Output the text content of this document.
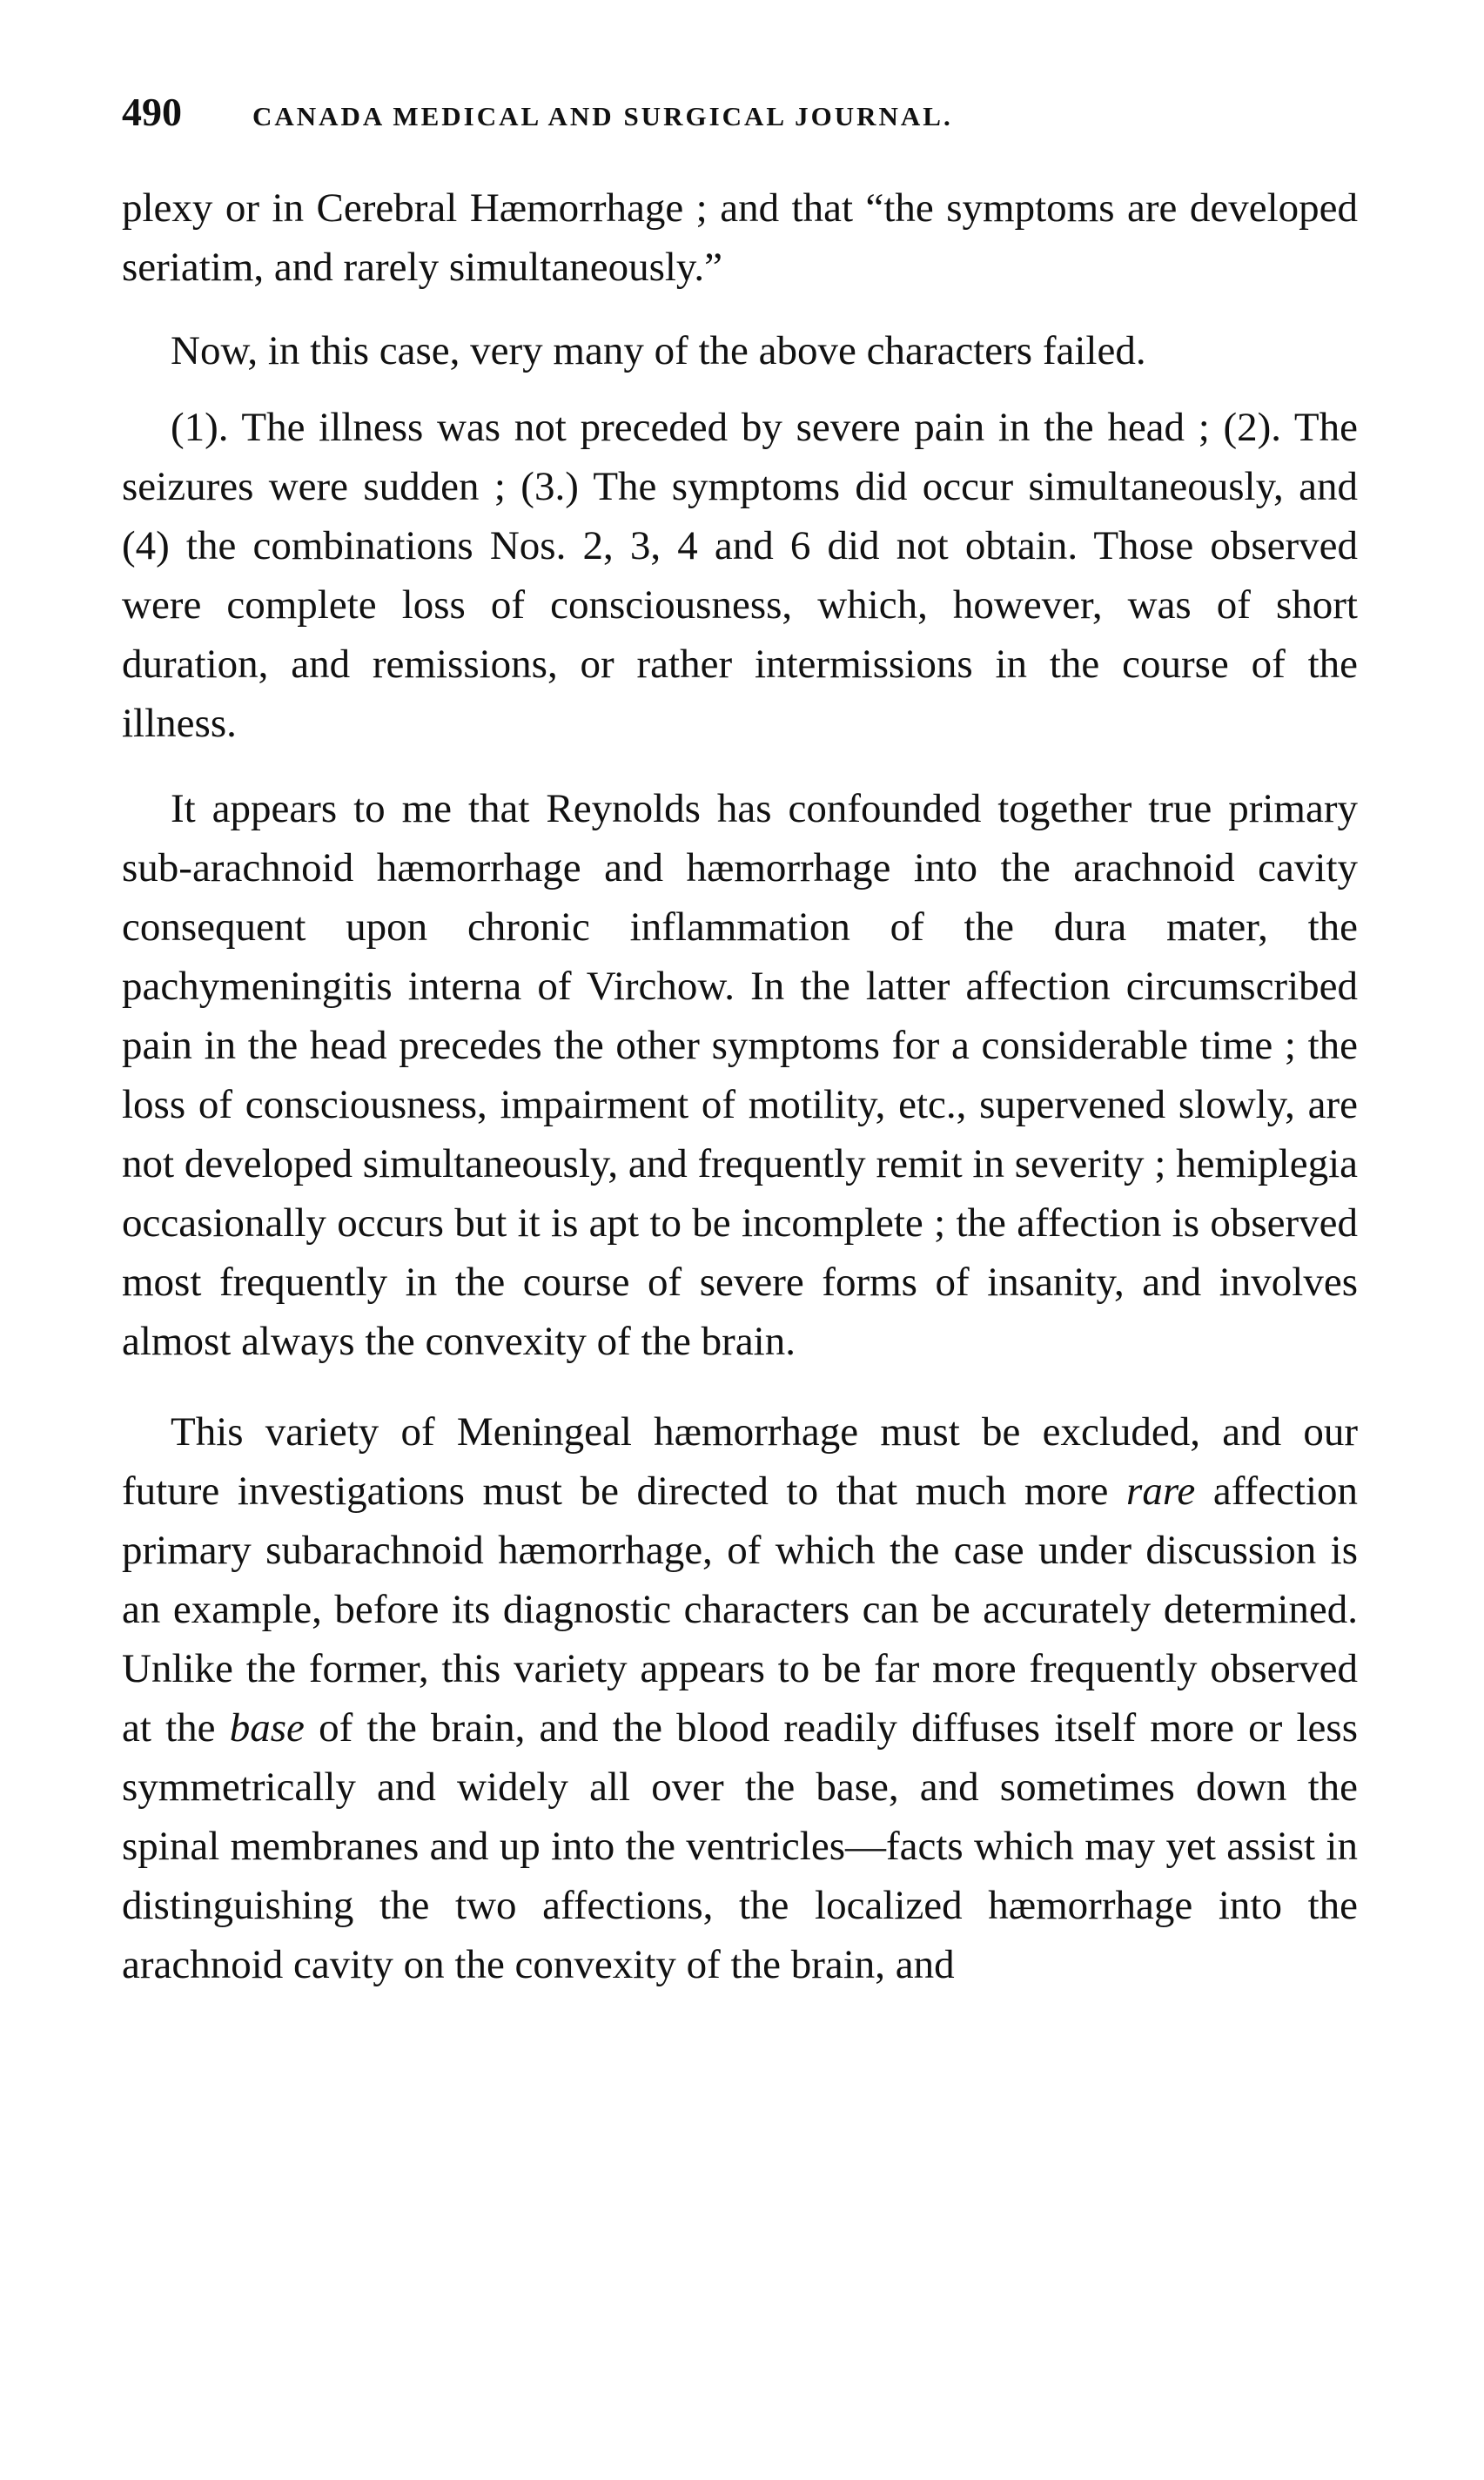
490	CANADA MEDICAL AND SURGICAL JOURNAL.

plexy or in Cerebral Hæmorrhage ; and that “the symptoms are developed seriatim, and rarely simultaneously.”

Now, in this case, very many of the above characters failed.

(1). The illness was not preceded by severe pain in the head ; (2). The seizures were sudden ; (3.) The symptoms did occur simultaneously, and (4) the combinations Nos. 2, 3, 4 and 6 did not obtain. Those observed were complete loss of consciousness, which, however, was of short duration, and remissions, or rather intermissions in the course of the illness.

It appears to me that Reynolds has confounded together true primary sub-arachnoid hæmorrhage and hæmorrhage into the arachnoid cavity consequent upon chronic inflammation of the dura mater, the pachymeningitis interna of Virchow. In the latter affection circumscribed pain in the head precedes the other symptoms for a considerable time ; the loss of consciousness, impairment of motility, etc., supervened slowly, are not developed simultaneously, and frequently remit in severity ; hemiplegia occasionally occurs but it is apt to be incomplete ; the affection is observed most frequently in the course of severe forms of insanity, and involves almost always the convexity of the brain.

This variety of Meningeal hæmorrhage must be excluded, and our future investigations must be directed to that much more rare affection primary subarachnoid hæmorrhage, of which the case under discussion is an example, before its diagnostic characters can be accurately determined. Unlike the former, this variety appears to be far more frequently observed at the base of the brain, and the blood readily diffuses itself more or less symmetrically and widely all over the base, and sometimes down the spinal membranes and up into the ventricles—facts which may yet assist in distinguishing the two affections, the localized hæmorrhage into the arachnoid cavity on the convexity of the brain, and
